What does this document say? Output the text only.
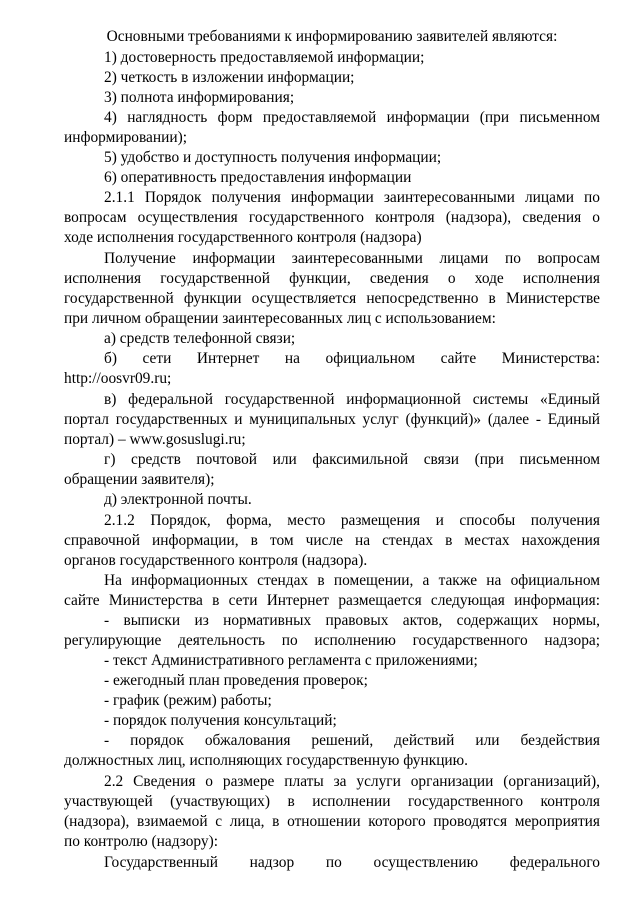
Основными требованиями к информированию заявителей являются:
1) достоверность предоставляемой информации;
2) четкость в изложении информации;
3) полнота информирования;
4) наглядность форм предоставляемой информации (при письменном
информировании);
5) удобство и доступность получения информации;
6) оперативность предоставления информации
2.1.1 Порядок получения информации заинтересованными лицами по
вопросам осуществления государственного контроля (надзора), сведения о
ходе исполнения государственного контроля (надзора)
Получение информации заинтересованными лицами по вопросам
исполнения государственной функции, сведения о ходе исполнения
государственной функции осуществляется непосредственно в Министерстве
при личном обращении заинтересованных лиц с использованием:
а) средств телефонной связи;
б) сети Интернет на официальном сайте Министерства:
http://oosvr09.ru;
в) федеральной государственной информационной системы «Единый
портал государственных и муниципальных услуг (функций)» (далее - Единый
портал) – www.gosuslugi.ru;
г) средств почтовой или факсимильной связи (при письменном
обращении заявителя);
д) электронной почты.
2.1.2 Порядок, форма, место размещения и способы получения
справочной информации, в том числе на стендах в местах нахождения
органов государственного контроля (надзора).
На информационных стендах в помещении, а также на официальном
сайте Министерства в сети Интернет размещается следующая информация:
- выписки из нормативных правовых актов, содержащих нормы,
регулирующие деятельность по исполнению государственного надзора;
- текст Административного регламента с приложениями;
- ежегодный план проведения проверок;
- график (режим) работы;
- порядок получения консультаций;
- порядок обжалования решений, действий или бездействия
должностных лиц, исполняющих государственную функцию.
2.2 Сведения о размере платы за услуги организации (организаций),
участвующей (участвующих) в исполнении государственного контроля
(надзора), взимаемой с лица, в отношении которого проводятся мероприятия
по контролю (надзору):
Государственный надзор по осуществлению федерального
